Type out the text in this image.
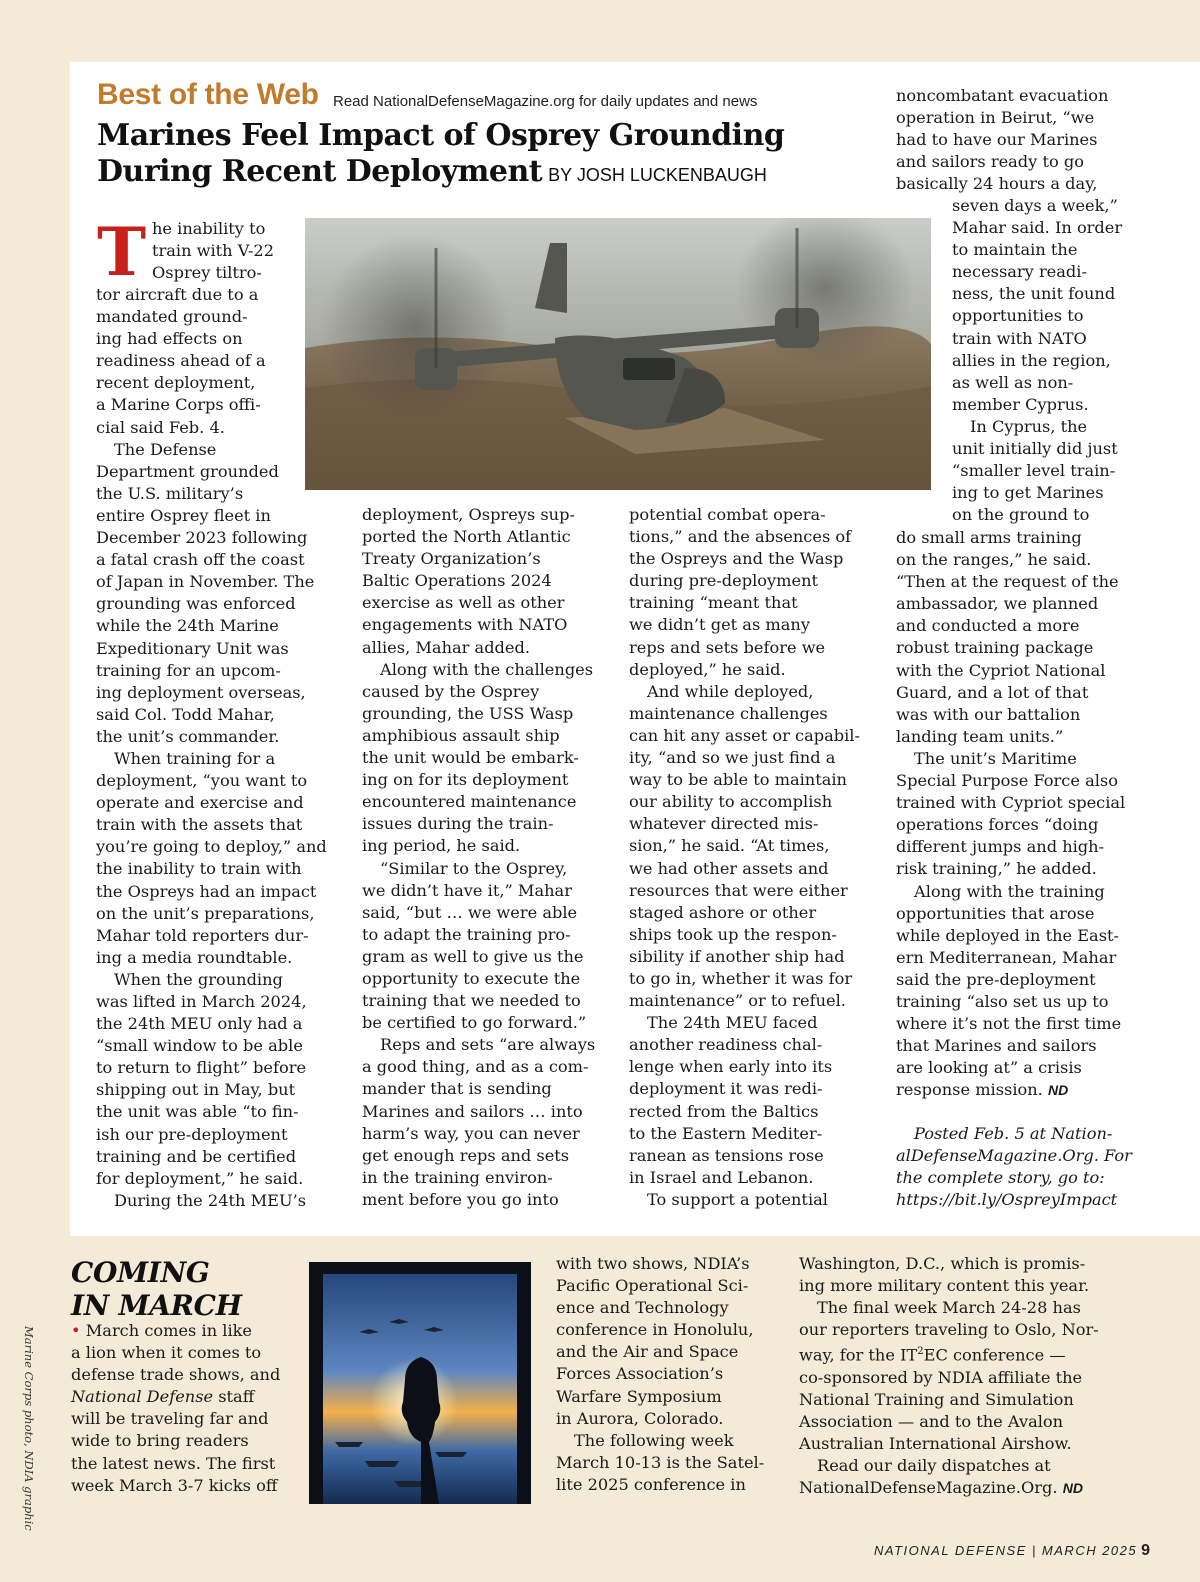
Best of the Web Read NationalDefenseMagazine.org for daily updates and news
Marines Feel Impact of Osprey Grounding
During Recent Deployment BY JOSH LUCKENBAUGH
T he inability to
train with V-22
Osprey tiltro-
tor aircraft due to a
mandated ground-
ing had effects on
readiness ahead of a
recent deployment,
a Marine Corps offi-
cial said Feb. 4.
The Defense
Department grounded
the U.S. military’s
entire Osprey fleet in
December 2023 following
a fatal crash off the coast
of Japan in November. The
grounding was enforced
while the 24th Marine
Expeditionary Unit was
training for an upcom-
ing deployment overseas,
said Col. Todd Mahar,
the unit’s commander.
When training for a
deployment, “you want to
operate and exercise and
train with the assets that
you’re going to deploy,” and
the inability to train with
the Ospreys had an impact
on the unit’s preparations,
Mahar told reporters dur-
ing a media roundtable.
When the grounding
was lifted in March 2024,
the 24th MEU only had a
“small window to be able
to return to flight” before
shipping out in May, but
the unit was able “to fin-
ish our pre-deployment
training and be certified
for deployment,” he said.
During the 24th MEU’s
deployment, Ospreys sup-
ported the North Atlantic
Treaty Organization’s
Baltic Operations 2024
exercise as well as other
engagements with NATO
allies, Mahar added.
Along with the challenges
caused by the Osprey
grounding, the USS Wasp
amphibious assault ship
the unit would be embark-
ing on for its deployment
encountered maintenance
issues during the train-
ing period, he said.
“Similar to the Osprey,
we didn’t have it,” Mahar
said, “but … we were able
to adapt the training pro-
gram as well to give us the
opportunity to execute the
training that we needed to
be certified to go forward.”
Reps and sets “are always
a good thing, and as a com-
mander that is sending
Marines and sailors … into
harm’s way, you can never
get enough reps and sets
in the training environ-
ment before you go into
potential combat opera-
tions,” and the absences of
the Ospreys and the Wasp
during pre-deployment
training “meant that
we didn’t get as many
reps and sets before we
deployed,” he said.
And while deployed,
maintenance challenges
can hit any asset or capabil-
ity, “and so we just find a
way to be able to maintain
our ability to accomplish
whatever directed mis-
sion,” he said. “At times,
we had other assets and
resources that were either
staged ashore or other
ships took up the respon-
sibility if another ship had
to go in, whether it was for
maintenance” or to refuel.
The 24th MEU faced
another readiness chal-
lenge when early into its
deployment it was redi-
rected from the Baltics
to the Eastern Mediter-
ranean as tensions rose
in Israel and Lebanon.
To support a potential
noncombatant evacuation
operation in Beirut, “we
had to have our Marines
and sailors ready to go
basically 24 hours a day,
seven days a week,”
Mahar said. In order
to maintain the
necessary readi-
ness, the unit found
opportunities to
train with NATO
allies in the region,
as well as non-
member Cyprus.
In Cyprus, the
unit initially did just
“smaller level train-
ing to get Marines
on the ground to
do small arms training
on the ranges,” he said.
“Then at the request of the
ambassador, we planned
and conducted a more
robust training package
with the Cypriot National
Guard, and a lot of that
was with our battalion
landing team units.”
The unit’s Maritime
Special Purpose Force also
trained with Cypriot special
operations forces “doing
different jumps and high-
risk training,” he added.
Along with the training
opportunities that arose
while deployed in the East-
ern Mediterranean, Mahar
said the pre-deployment
training “also set us up to
where it’s not the first time
that Marines and sailors
are looking at” a crisis
response mission. ND
Posted Feb. 5 at Nation-
alDefenseMagazine.Org. For
the complete story, go to:
https://bit.ly/OspreyImpact
COMING
IN MARCH
• March comes in like
a lion when it comes to
defense trade shows, and
National Defense staff
will be traveling far and
wide to bring readers
the latest news. The first
week March 3-7 kicks off
with two shows, NDIA’s
Pacific Operational Sci-
ence and Technology
conference in Honolulu,
and the Air and Space
Forces Association’s
Warfare Symposium
in Aurora, Colorado.
The following week
March 10-13 is the Satel-
lite 2025 conference in
Washington, D.C., which is promis-
ing more military content this year.
The final week March 24-28 has
our reporters traveling to Oslo, Nor-
way, for the $IT^2EC$ conference —
co-sponsored by NDIA affiliate the
National Training and Simulation
Association — and to the Avalon
Australian International Airshow.
Read our daily dispatches at
NationalDefenseMagazine.Org. ND
Marine Corps photo, NDIA graphic
NATIONAL DEFENSE | MARCH 2025 9
